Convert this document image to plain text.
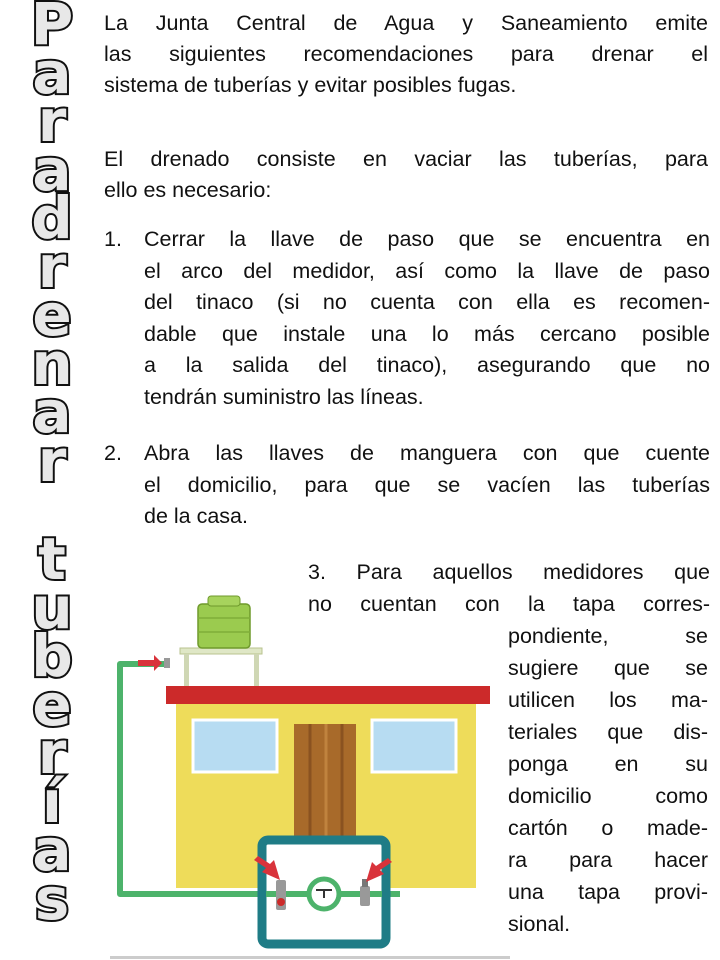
P
a
r
a
d
r
e
n
a
r
t
u
b
e
r
í
a
s
La Junta Central de Agua y Saneamiento emite
las siguientes recomendaciones para drenar el
sistema de tuberías y evitar posibles fugas.
El drenado consiste en vaciar las tuberías, para
ello es necesario:
1. Cerrar la llave de paso que se encuentra en
el arco del medidor, así como la llave de paso
del tinaco (si no cuenta con ella es recomen-
dable que instale una lo más cercano posible
a la salida del tinaco), asegurando que no
tendrán suministro las líneas.
2. Abra las llaves de manguera con que cuente
el domicilio, para que se vacíen las tuberías
de la casa.
3. Para aquellos medidores que
no cuentan con la tapa corres-
pondiente, se
sugiere que se
utilicen los ma-
teriales que dis-
ponga en su
domicilio como
cartón o made-
ra para hacer
una tapa provi-
sional.
